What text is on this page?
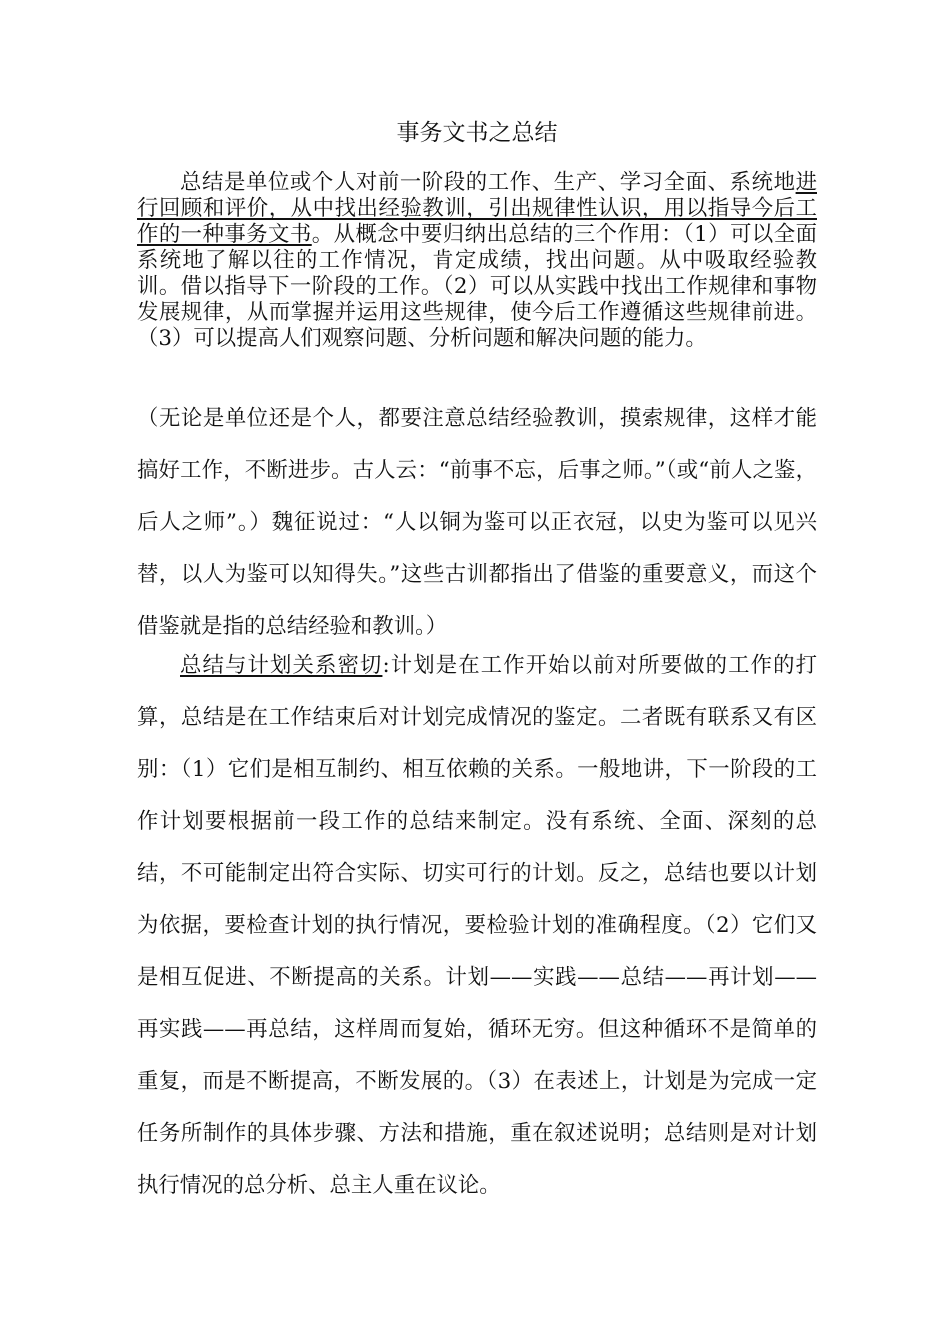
事务文书之总结

总结是单位或个人对前一阶段的工作、生产、学习全面、系统地进行回顾和评价，从中找出经验教训，引出规律性认识，用以指导今后工作的一种事务文书。从概念中要归纳出总结的三个作用：（1）可以全面系统地了解以往的工作情况，肯定成绩，找出问题。从中吸取经验教训。借以指导下一阶段的工作。（2）可以从实践中找出工作规律和事物发展规律，从而掌握并运用这些规律，使今后工作遵循这些规律前进。（3）可以提高人们观察问题、分析问题和解决问题的能力。

（无论是单位还是个人，都要注意总结经验教训，摸索规律，这样才能搞好工作，不断进步。古人云：“前事不忘，后事之师。”（或“前人之鉴，后人之师”。）魏征说过：“人以铜为鉴可以正衣冠，以史为鉴可以见兴替，以人为鉴可以知得失。”这些古训都指出了借鉴的重要意义，而这个借鉴就是指的总结经验和教训。）

总结与计划关系密切:计划是在工作开始以前对所要做的工作的打算，总结是在工作结束后对计划完成情况的鉴定。二者既有联系又有区别：（1）它们是相互制约、相互依赖的关系。一般地讲，下一阶段的工作计划要根据前一段工作的总结来制定。没有系统、全面、深刻的总结，不可能制定出符合实际、切实可行的计划。反之，总结也要以计划为依据，要检查计划的执行情况，要检验计划的准确程度。（2）它们又是相互促进、不断提高的关系。计划——实践——总结——再计划——再实践——再总结，这样周而复始，循环无穷。但这种循环不是简单的重复，而是不断提高，不断发展的。（3）在表述上，计划是为完成一定任务所制作的具体步骤、方法和措施，重在叙述说明；总结则是对计划执行情况的总分析、总主人重在议论。
